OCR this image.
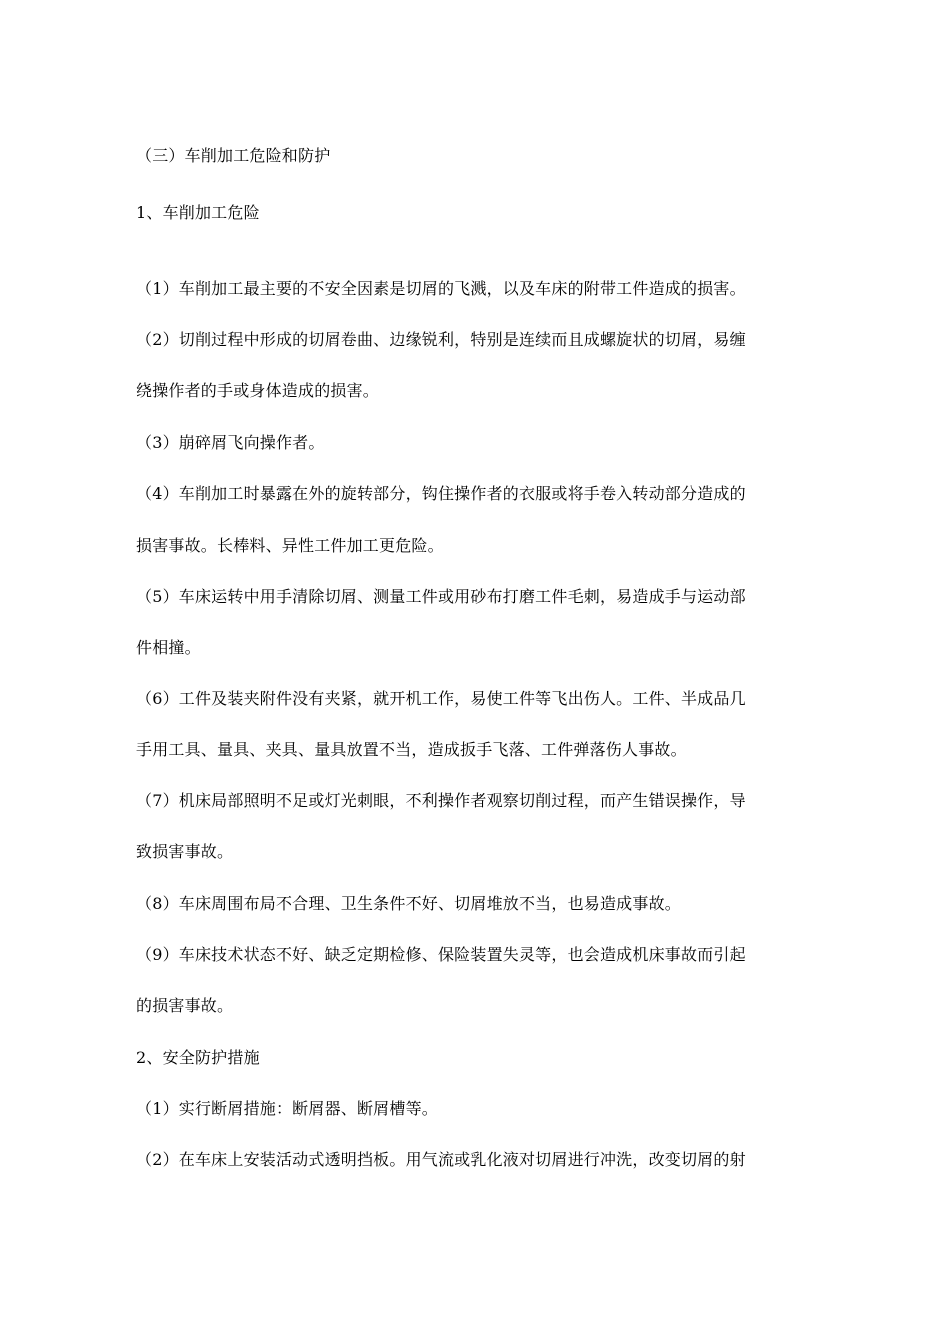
（三）车削加工危险和防护
1、车削加工危险
（1）车削加工最主要的不安全因素是切屑的飞溅，以及车床的附带工件造成的损害。
（2）切削过程中形成的切屑卷曲、边缘锐利，特别是连续而且成螺旋状的切屑，易缠
绕操作者的手或身体造成的损害。
（3）崩碎屑飞向操作者。
（4）车削加工时暴露在外的旋转部分，钩住操作者的衣服或将手卷入转动部分造成的
损害事故。长棒料、异性工件加工更危险。
（5）车床运转中用手清除切屑、测量工件或用砂布打磨工件毛刺，易造成手与运动部
件相撞。
（6）工件及装夹附件没有夹紧，就开机工作，易使工件等飞出伤人。工件、半成品几
手用工具、量具、夹具、量具放置不当，造成扳手飞落、工件弹落伤人事故。
（7）机床局部照明不足或灯光刺眼，不利操作者观察切削过程，而产生错误操作，导
致损害事故。
（8）车床周围布局不合理、卫生条件不好、切屑堆放不当，也易造成事故。
（9）车床技术状态不好、缺乏定期检修、保险装置失灵等，也会造成机床事故而引起
的损害事故。
2、安全防护措施
（1）实行断屑措施：断屑器、断屑槽等。
（2）在车床上安装活动式透明挡板。用气流或乳化液对切屑进行冲洗，改变切屑的射
